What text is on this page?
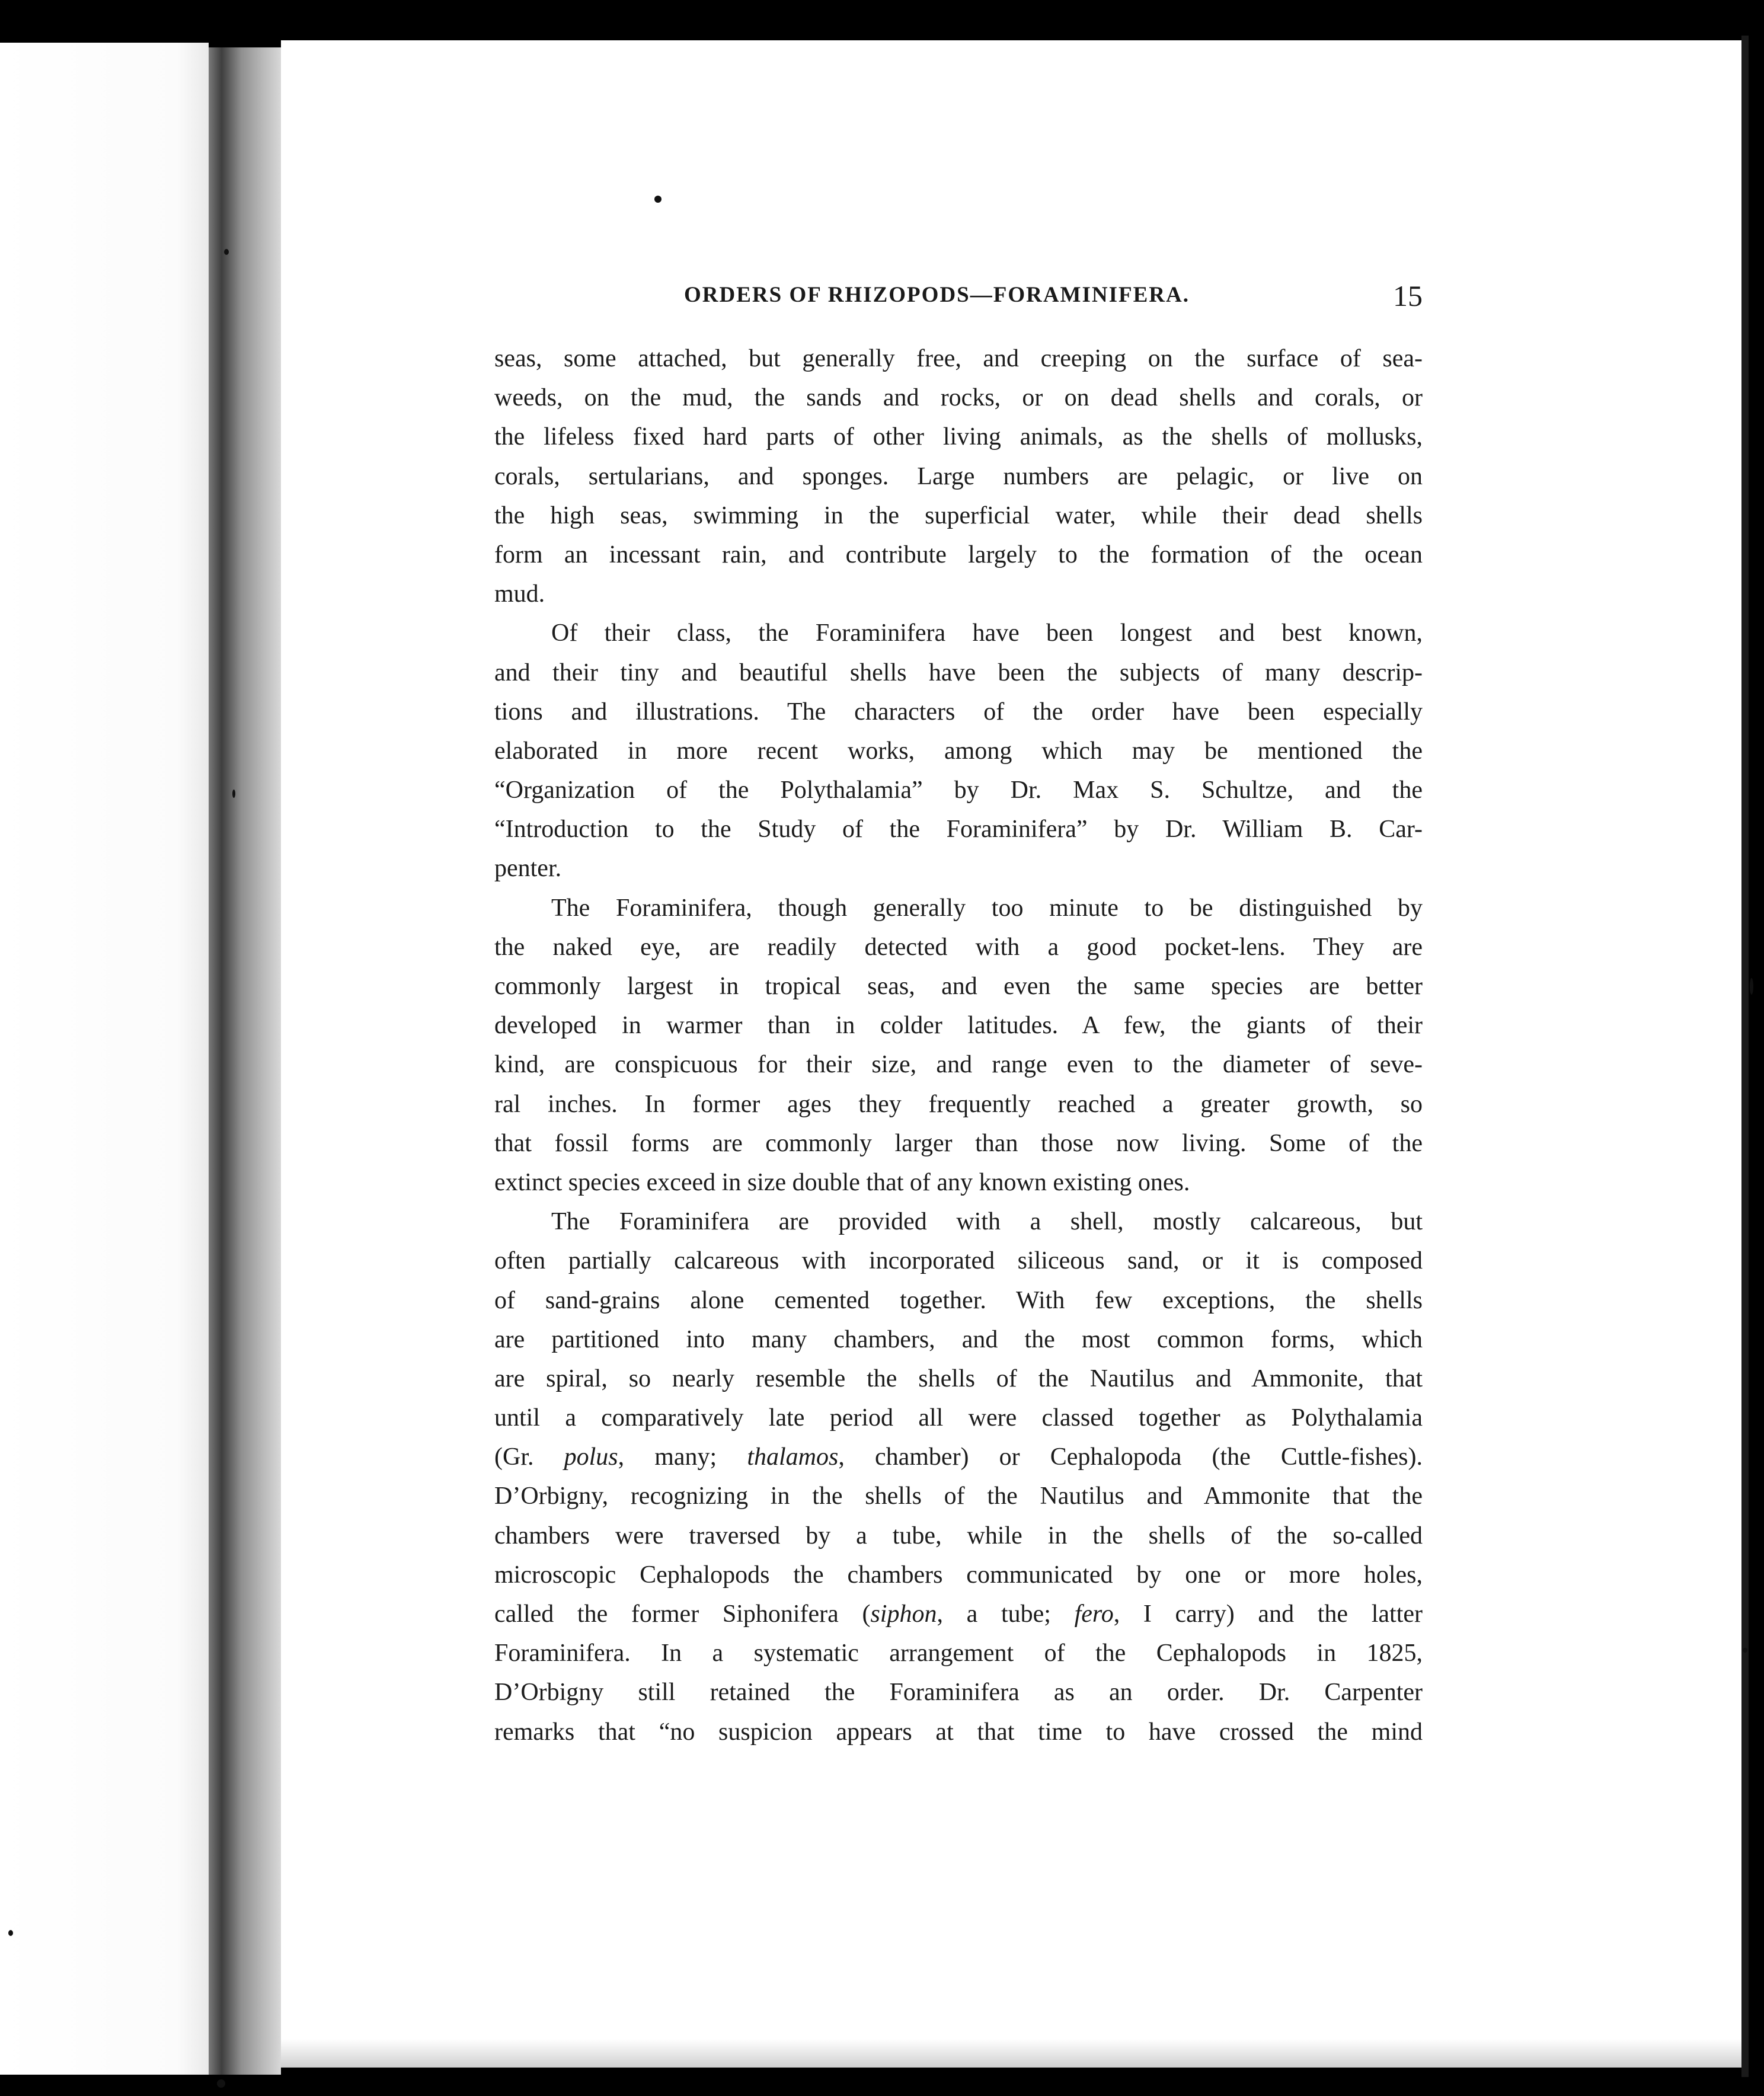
ORDERS OF RHIZOPODS—FORAMINIFERA.	15
seas, some attached, but generally free, and creeping on the surface of sea-
weeds, on the mud, the sands and rocks, or on dead shells and corals, or
the lifeless fixed hard parts of other living animals, as the shells of mollusks,
corals, sertularians, and sponges. Large numbers are pelagic, or live on
the high seas, swimming in the superficial water, while their dead shells
form an incessant rain, and contribute largely to the formation of the ocean
mud.
Of their class, the Foraminifera have been longest and best known,
and their tiny and beautiful shells have been the subjects of many descrip-
tions and illustrations. The characters of the order have been especially
elaborated in more recent works, among which may be mentioned the
“Organization of the Polythalamia” by Dr. Max S. Schultze, and the
“Introduction to the Study of the Foraminifera” by Dr. William B. Car-
penter.
The Foraminifera, though generally too minute to be distinguished by
the naked eye, are readily detected with a good pocket-lens. They are
commonly largest in tropical seas, and even the same species are better
developed in warmer than in colder latitudes. A few, the giants of their
kind, are conspicuous for their size, and range even to the diameter of seve-
ral inches. In former ages they frequently reached a greater growth, so
that fossil forms are commonly larger than those now living. Some of the
extinct species exceed in size double that of any known existing ones.
The Foraminifera are provided with a shell, mostly calcareous, but
often partially calcareous with incorporated siliceous sand, or it is composed
of sand-grains alone cemented together. With few exceptions, the shells
are partitioned into many chambers, and the most common forms, which
are spiral, so nearly resemble the shells of the Nautilus and Ammonite, that
until a comparatively late period all were classed together as Polythalamia
(Gr. polus, many; thalamos, chamber) or Cephalopoda (the Cuttle-fishes).
D’Orbigny, recognizing in the shells of the Nautilus and Ammonite that the
chambers were traversed by a tube, while in the shells of the so-called
microscopic Cephalopods the chambers communicated by one or more holes,
called the former Siphonifera (siphon, a tube; fero, I carry) and the latter
Foraminifera. In a systematic arrangement of the Cephalopods in 1825,
D’Orbigny still retained the Foraminifera as an order. Dr. Carpenter
remarks that “no suspicion appears at that time to have crossed the mind
